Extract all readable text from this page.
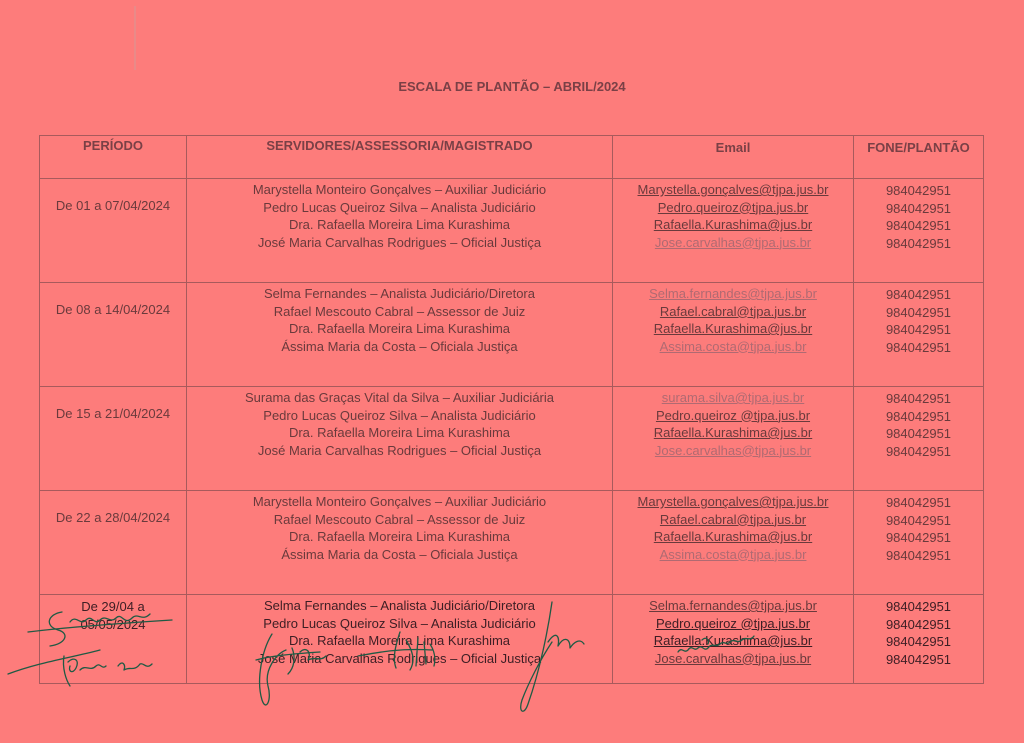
ESCALA DE PLANTÃO – ABRIL/2024
PERÍODO	SERVIDORES/ASSESSORIA/MAGISTRADO	Email	FONE/PLANTÃO

De 01 a 07/04/2024	Marystella Monteiro Gonçalves – Auxiliar Judiciário
Pedro Lucas Queiroz Silva – Analista Judiciário
Dra. Rafaella Moreira Lima Kurashima
José Maria Carvalhas Rodrigues – Oficial Justiça	Marystella.gonçalves@tjpa.jus.br
Pedro.queiroz@tjpa.jus.br
Rafaella.Kurashima@jus.br
Jose.carvalhas@tjpa.jus.br	984042951
984042951
984042951
984042951

De 08 a 14/04/2024	Selma Fernandes – Analista Judiciário/Diretora
Rafael Mescouto Cabral – Assessor de Juiz
Dra. Rafaella Moreira Lima Kurashima
Ássima Maria da Costa – Oficiala Justiça	Selma.fernandes@tjpa.jus.br
Rafael.cabral@tjpa.jus.br
Rafaella.Kurashima@jus.br
Assima.costa@tjpa.jus.br	984042951
984042951
984042951
984042951

De 15 a 21/04/2024	Surama das Graças Vital da Silva – Auxiliar Judiciária
Pedro Lucas Queiroz Silva – Analista Judiciário
Dra. Rafaella Moreira Lima Kurashima
José Maria Carvalhas Rodrigues – Oficial Justiça	surama.silva@tjpa.jus.br
Pedro.queiroz @tjpa.jus.br
Rafaella.Kurashima@jus.br
Jose.carvalhas@tjpa.jus.br	984042951
984042951
984042951
984042951

De 22 a 28/04/2024	Marystella Monteiro Gonçalves – Auxiliar Judiciário
Rafael Mescouto Cabral – Assessor de Juiz
Dra. Rafaella Moreira Lima Kurashima
Ássima Maria da Costa – Oficiala Justiça	Marystella.gonçalves@tjpa.jus.br
Rafael.cabral@tjpa.jus.br
Rafaella.Kurashima@jus.br
Assima.costa@tjpa.jus.br	984042951
984042951
984042951
984042951

De 29/04 a
05/05/2024	Selma Fernandes – Analista Judiciário/Diretora
Pedro Lucas Queiroz Silva – Analista Judiciário
Dra. Rafaella Moreira Lima Kurashima
José Maria Carvalhas Rodrigues – Oficial Justiça	Selma.fernandes@tjpa.jus.br
Pedro.queiroz @tjpa.jus.br
Rafaella.Kurashima@jus.br
Jose.carvalhas@tjpa.jus.br	984042951
984042951
984042951
984042951
